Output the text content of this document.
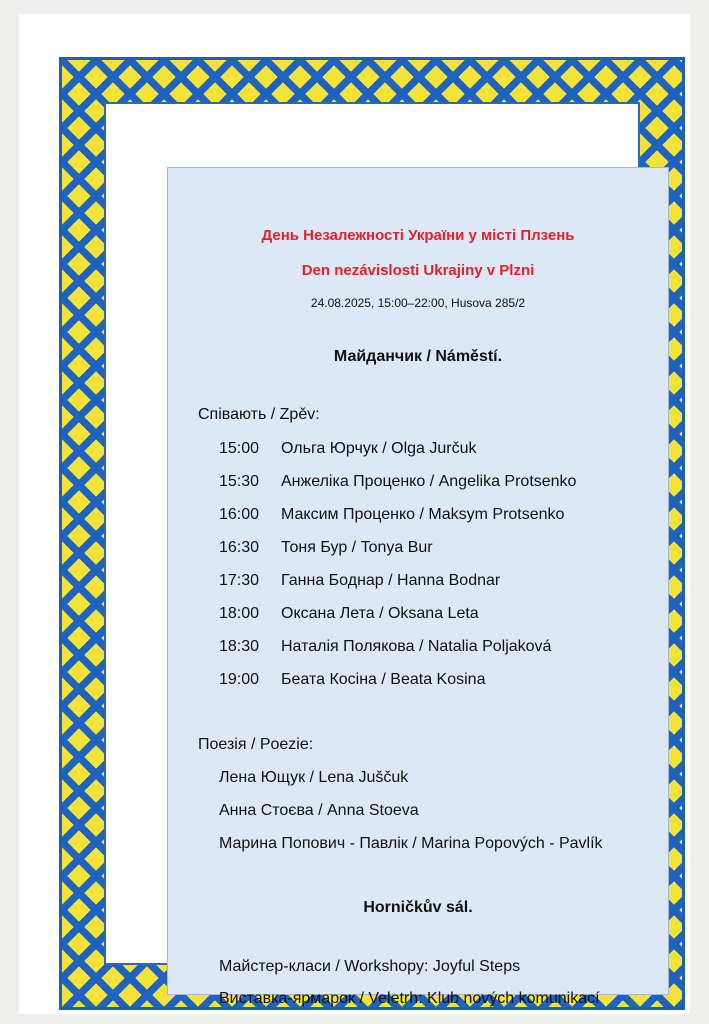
День Незалежності України у місті Плзень
Den nezávislosti Ukrajiny v Plzni
24.08.2025, 15:00–22:00, Husova 285/2
Майданчик / Náměstí.
Співають / Zpěv:
15:00 Ольга Юрчук / Olga Jurčuk
15:30 Анжеліка Проценко / Angelika Protsenko
16:00 Максим Проценко / Maksym Protsenko
16:30 Тоня Бур / Tonya Bur
17:30 Ганна Боднар / Hanna Bodnar
18:00 Оксана Лета / Oksana Leta
18:30 Наталія Полякова / Natalia Poljaková
19:00 Беата Косіна / Beata Kosina
Поезія / Poezie:
Лена Ющук / Lena Juščuk
Анна Стоєва / Anna Stoeva
Марина Попович - Павлік / Marina Popových - Pavlík
Horničkův sál.
Майстер-класи / Workshopy: Joyful Steps
Виставка-ярмарок / Veletrh: Klub nových komunikací
